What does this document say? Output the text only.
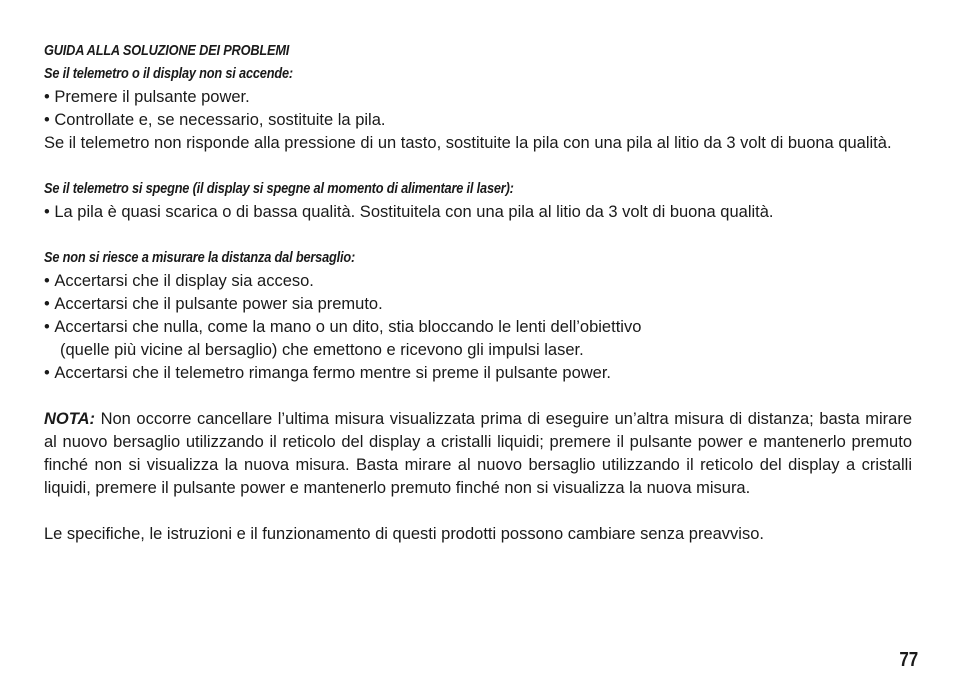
GUIDA ALLA SOLUZIONE DEI PROBLEMI
Se il telemetro o il display non si accende:
• Premere il pulsante power.
• Controllate e, se necessario, sostituite la pila.
Se il telemetro non risponde alla pressione di un tasto, sostituite la pila con una pila al litio da 3 volt di buona qualità.
Se il telemetro si spegne (il display si spegne al momento di alimentare il laser):
• La pila è quasi scarica o di bassa qualità. Sostituitela con una pila al litio da 3 volt di buona qualità.
Se non si riesce a misurare la distanza dal bersaglio:
• Accertarsi che il display sia acceso.
• Accertarsi che il pulsante power sia premuto.
• Accertarsi che nulla, come la mano o un dito, stia bloccando le lenti dell’obiettivo
(quelle più vicine al bersaglio) che emettono e ricevono gli impulsi laser.
• Accertarsi che il telemetro rimanga fermo mentre si preme il pulsante power.
NOTA: Non occorre cancellare l’ultima misura visualizzata prima di eseguire un’altra misura di distanza; basta mirare al nuovo bersaglio utilizzando il reticolo del display a cristalli liquidi; premere il pulsante power e mantenerlo premuto finché non si visualizza la nuova misura. Basta mirare al nuovo bersaglio utilizzando il reticolo del display a cristalli liquidi, premere il pulsante power e mantenerlo premuto finché non si visualizza la nuova misura.
Le specifiche, le istruzioni e il funzionamento di questi prodotti possono cambiare senza preavviso.
77
